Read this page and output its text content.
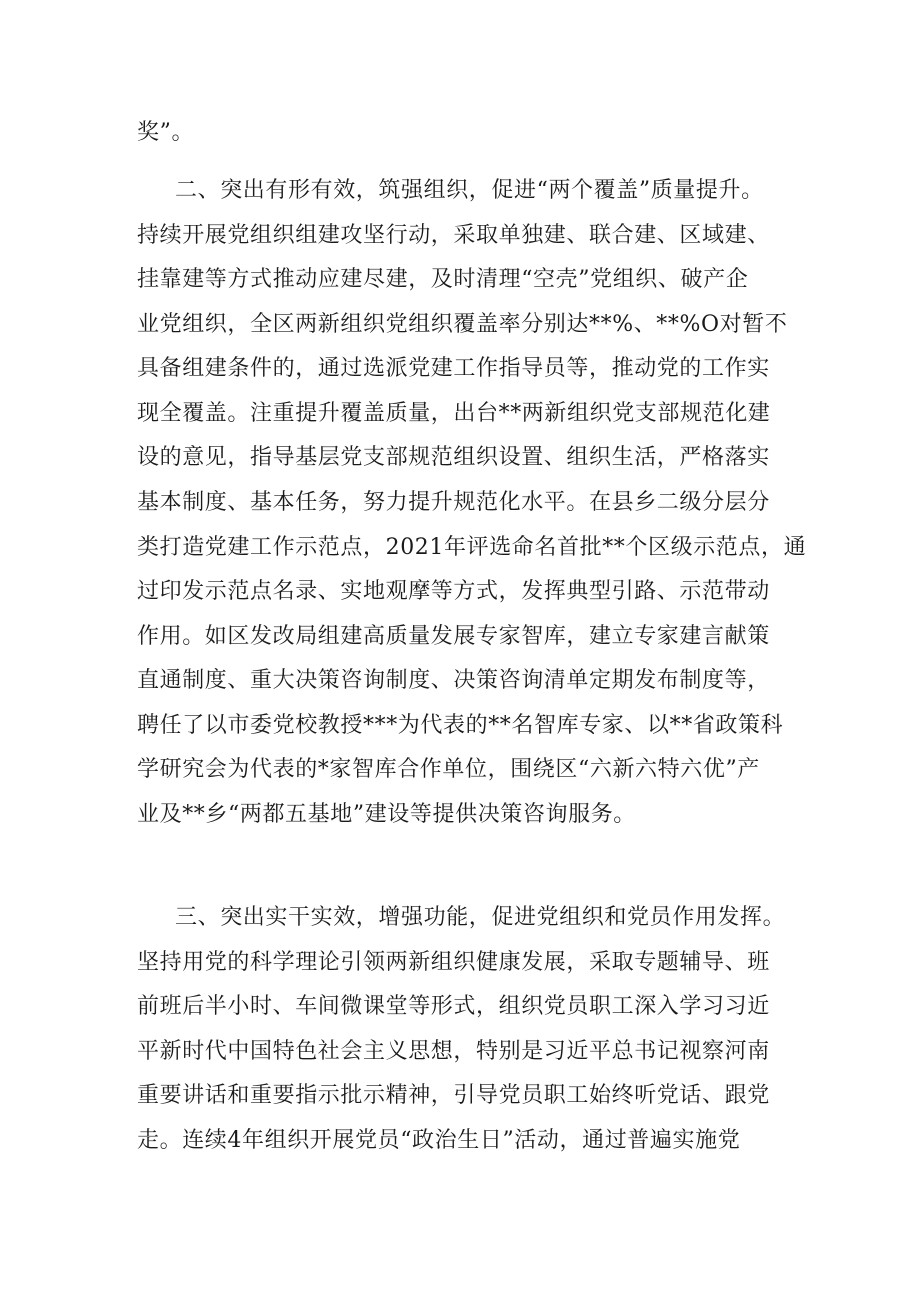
奖”。
二、突出有形有效，筑强组织，促进“两个覆盖”质量提升。
持续开展党组织组建攻坚行动，采取单独建、联合建、区域建、
挂靠建等方式推动应建尽建，及时清理“空壳”党组织、破产企
业党组织，全区两新组织党组织覆盖率分别达**%、**%O对暂不
具备组建条件的，通过选派党建工作指导员等，推动党的工作实
现全覆盖。注重提升覆盖质量，出台**两新组织党支部规范化建
设的意见，指导基层党支部规范组织设置、组织生活，严格落实
基本制度、基本任务，努力提升规范化水平。在县乡二级分层分
类打造党建工作示范点，2021年评选命名首批**个区级示范点，通
过印发示范点名录、实地观摩等方式，发挥典型引路、示范带动
作用。如区发改局组建高质量发展专家智库，建立专家建言献策
直通制度、重大决策咨询制度、决策咨询清单定期发布制度等，
聘任了以市委党校教授***为代表的**名智库专家、以**省政策科
学研究会为代表的*家智库合作单位，围绕区“六新六特六优”产
业及**乡“两都五基地”建设等提供决策咨询服务。
三、突出实干实效，增强功能，促进党组织和党员作用发挥。
坚持用党的科学理论引领两新组织健康发展，采取专题辅导、班
前班后半小时、车间微课堂等形式，组织党员职工深入学习习近
平新时代中国特色社会主义思想，特别是习近平总书记视察河南
重要讲话和重要指示批示精神，引导党员职工始终听党话、跟党
走。连续4年组织开展党员“政治生日”活动，通过普遍实施党
